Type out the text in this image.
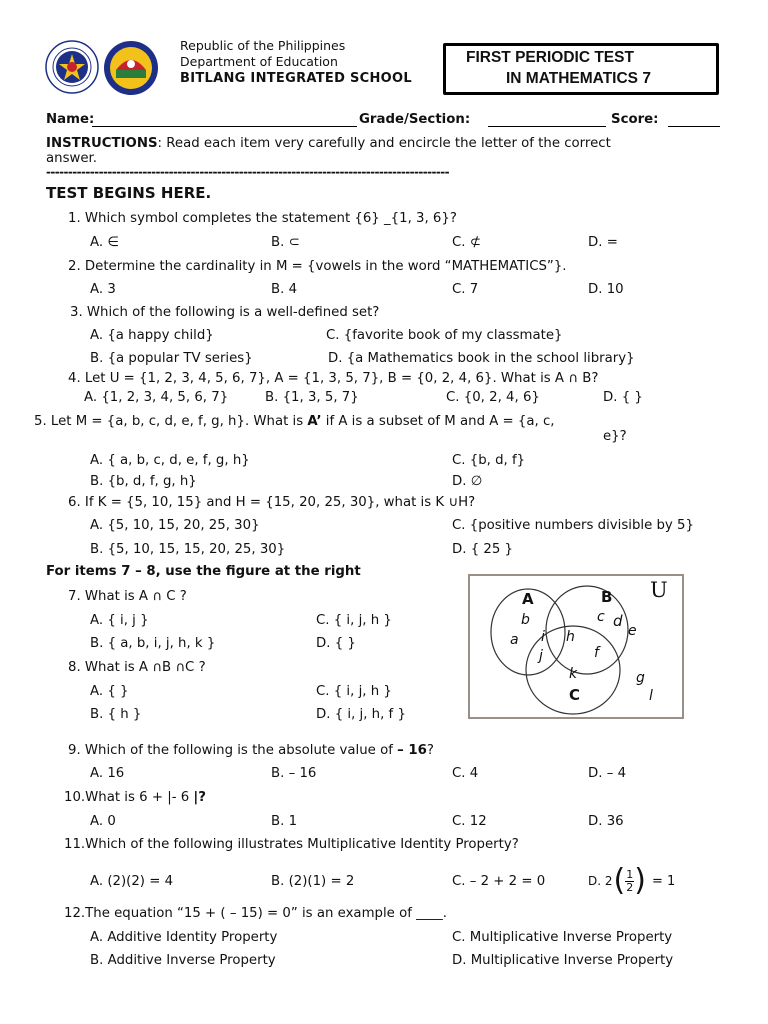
Republic of the Philippines
Department of Education
BITLANG INTEGRATED SCHOOL
FIRST PERIODIC TEST
IN MATHEMATICS 7
Name:	Grade/Section:	Score:
INSTRUCTIONS: Read each item very carefully and encircle the letter of the correct
answer.
--------------------------------------------------------------------------------------------
TEST BEGINS HERE.
1. Which symbol completes the statement {6} _{1, 3, 6}?
A. ∈	B. ⊂	C. ⊄	D. =
2. Determine the cardinality in M = {vowels in the word “MATHEMATICS”}.
A. 3	B. 4	C. 7	D. 10
3. Which of the following is a well-defined set?
A. {a happy child}	C. {favorite book of my classmate}
B. {a popular TV series}	D. {a Mathematics book in the school library}
4. Let U = {1, 2, 3, 4, 5, 6, 7}, A = {1, 3, 5, 7}, B = {0, 2, 4, 6}. What is A ∩ B?
A. {1, 2, 3, 4, 5, 6, 7}	B. {1, 3, 5, 7}	C. {0, 2, 4, 6}	D. { }
5. Let M = {a, b, c, d, e, f, g, h}. What is A’ if A is a subset of M and A = {a, c,
e}?
A. { a, b, c, d, e, f, g, h}	C. {b, d, f}
B. {b, d, f, g, h}	D. ∅
6. If K = {5, 10, 15} and H = {15, 20, 25, 30}, what is K ∪H?
A. {5, 10, 15, 20, 25, 30}	C. {positive numbers divisible by 5}
B. {5, 10, 15, 15, 20, 25, 30}	D. { 25 }
For items 7 – 8, use the figure at the right
7. What is A ∩ C ?
A. { i, j }	C. { i, j, h }
B. { a, b, i, j, h, k }	D. { }
8. What is A ∩B ∩C ?
A. { }	C. { i, j, h }
B. { h }	D. { i, j, h, f }
U
A	B
C
b
a
c d
e
i h
j	f
k	g
l
9. Which of the following is the absolute value of – 16?
A. 16	B. – 16	C. 4	D. – 4
10.What is 6 + |- 6 |?
A. 0	B. 1	C. 12	D. 36
11.Which of the following illustrates Multiplicative Identity Property?
A. (2)(2) = 4	B. (2)(1) = 2	C. – 2 + 2 = 0	D. 2 ( $\frac{1}{2}$ ) = 1
12.The equation “15 + ( – 15) = 0” is an example of ____.
A. Additive Identity Property	C. Multiplicative Inverse Property
B. Additive Inverse Property	D. Multiplicative Inverse Property
